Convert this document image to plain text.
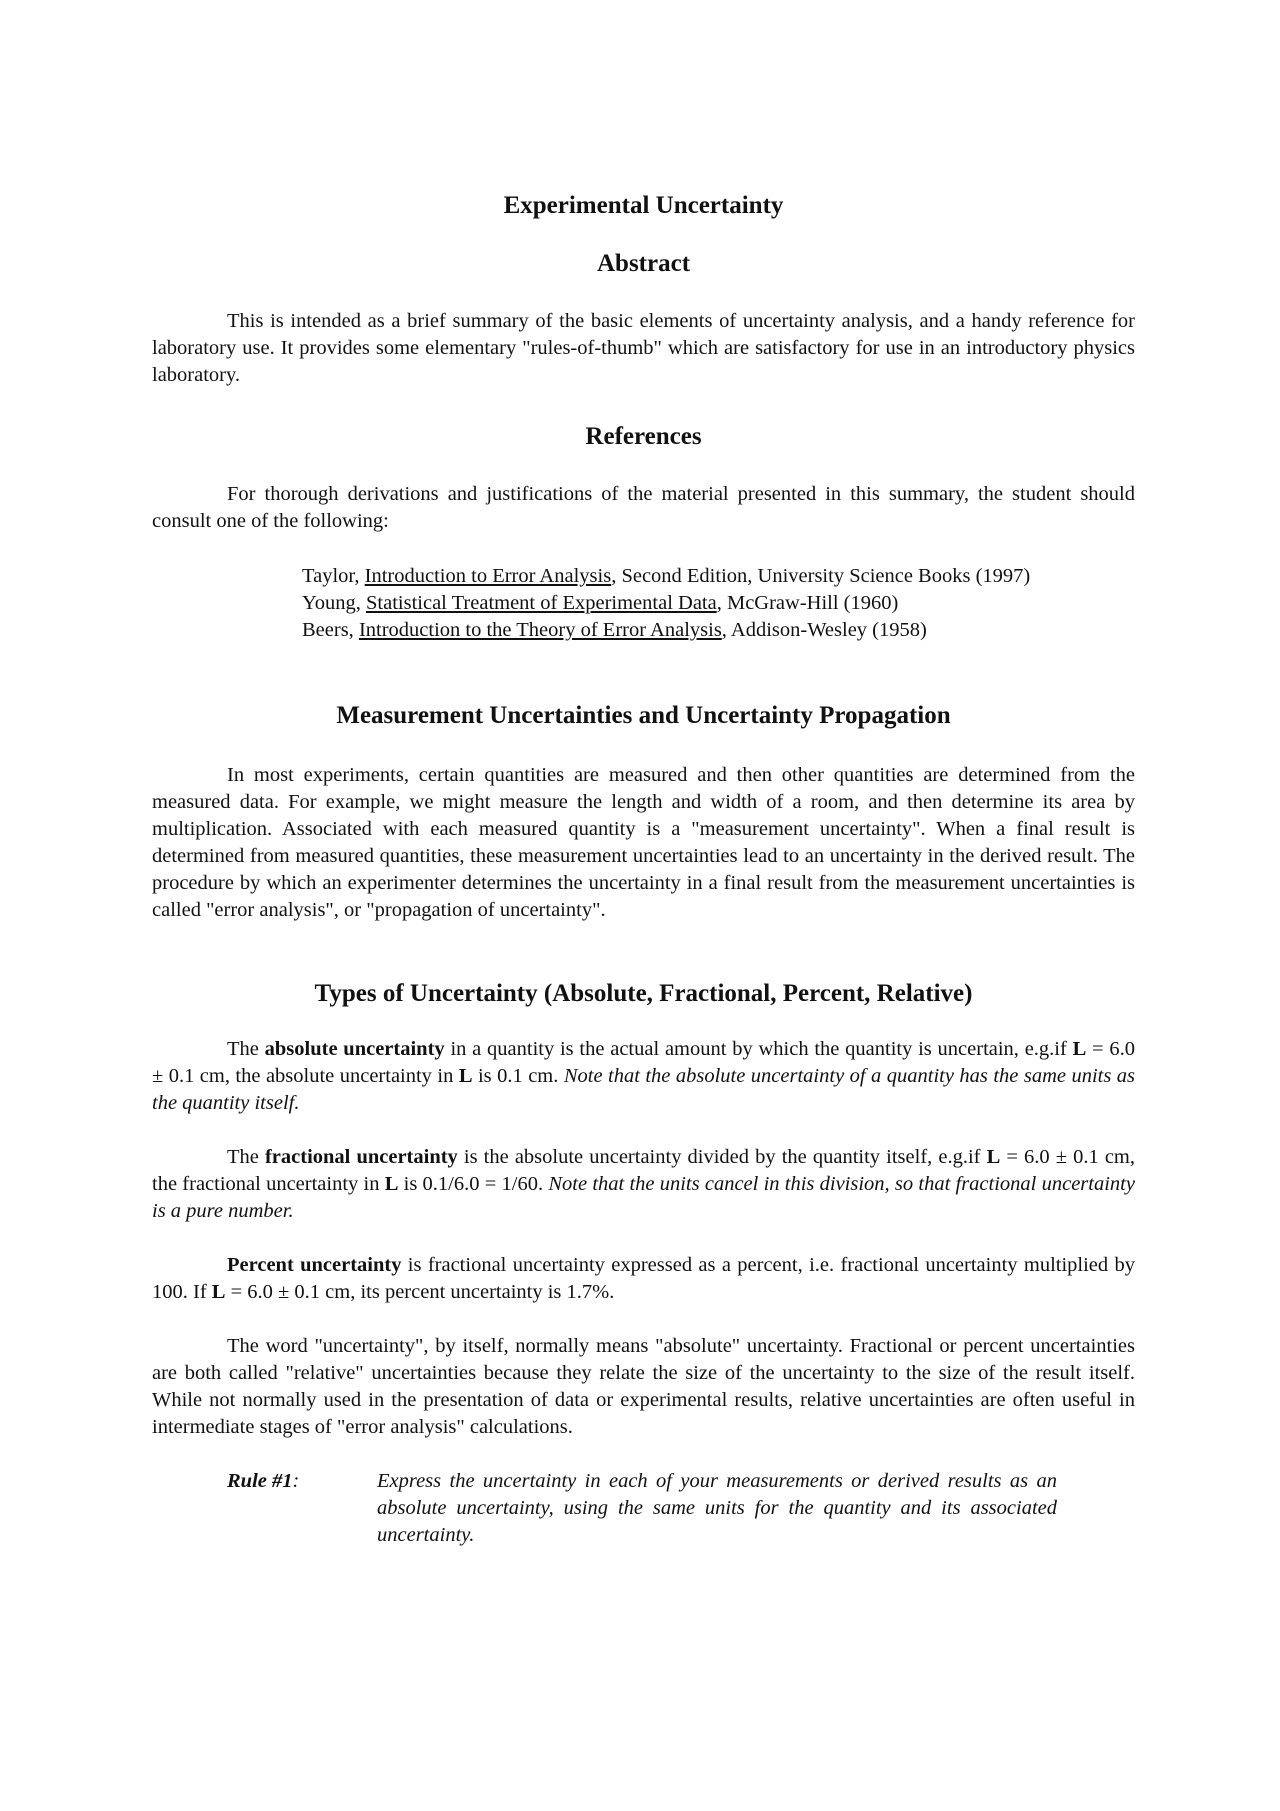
Experimental Uncertainty
Abstract

This is intended as a brief summary of the basic elements of uncertainty analysis, and a handy reference for laboratory use. It provides some elementary "rules-of-thumb" which are satisfactory for use in an introductory physics laboratory.

References

For thorough derivations and justifications of the material presented in this summary, the student should consult one of the following:

Taylor, Introduction to Error Analysis, Second Edition, University Science Books (1997)
Young, Statistical Treatment of Experimental Data, McGraw-Hill (1960)
Beers, Introduction to the Theory of Error Analysis, Addison-Wesley (1958)
Measurement Uncertainties and Uncertainty Propagation

In most experiments, certain quantities are measured and then other quantities are determined from the measured data. For example, we might measure the length and width of a room, and then determine its area by multiplication. Associated with each measured quantity is a "measurement uncertainty". When a final result is determined from measured quantities, these measurement uncertainties lead to an uncertainty in the derived result. The procedure by which an experimenter determines the uncertainty in a final result from the measurement uncertainties is called "error analysis", or "propagation of uncertainty".

Types of Uncertainty (Absolute, Fractional, Percent, Relative)

The absolute uncertainty in a quantity is the actual amount by which the quantity is uncertain, e.g.if L = 6.0 ± 0.1 cm, the absolute uncertainty in L is 0.1 cm. Note that the absolute uncertainty of a quantity has the same units as the quantity itself.

The fractional uncertainty is the absolute uncertainty divided by the quantity itself, e.g.if L = 6.0 ± 0.1 cm, the fractional uncertainty in L is 0.1/6.0 = 1/60. Note that the units cancel in this division, so that fractional uncertainty is a pure number.

Percent uncertainty is fractional uncertainty expressed as a percent, i.e. fractional uncertainty multiplied by 100. If L = 6.0 ± 0.1 cm, its percent uncertainty is 1.7%.

The word "uncertainty", by itself, normally means "absolute" uncertainty. Fractional or percent uncertainties are both called "relative" uncertainties because they relate the size of the uncertainty to the size of the result itself. While not normally used in the presentation of data or experimental results, relative uncertainties are often useful in intermediate stages of "error analysis" calculations.

Rule #1:	Express the uncertainty in each of your measurements or derived results as an absolute uncertainty, using the same units for the quantity and its associated uncertainty.
